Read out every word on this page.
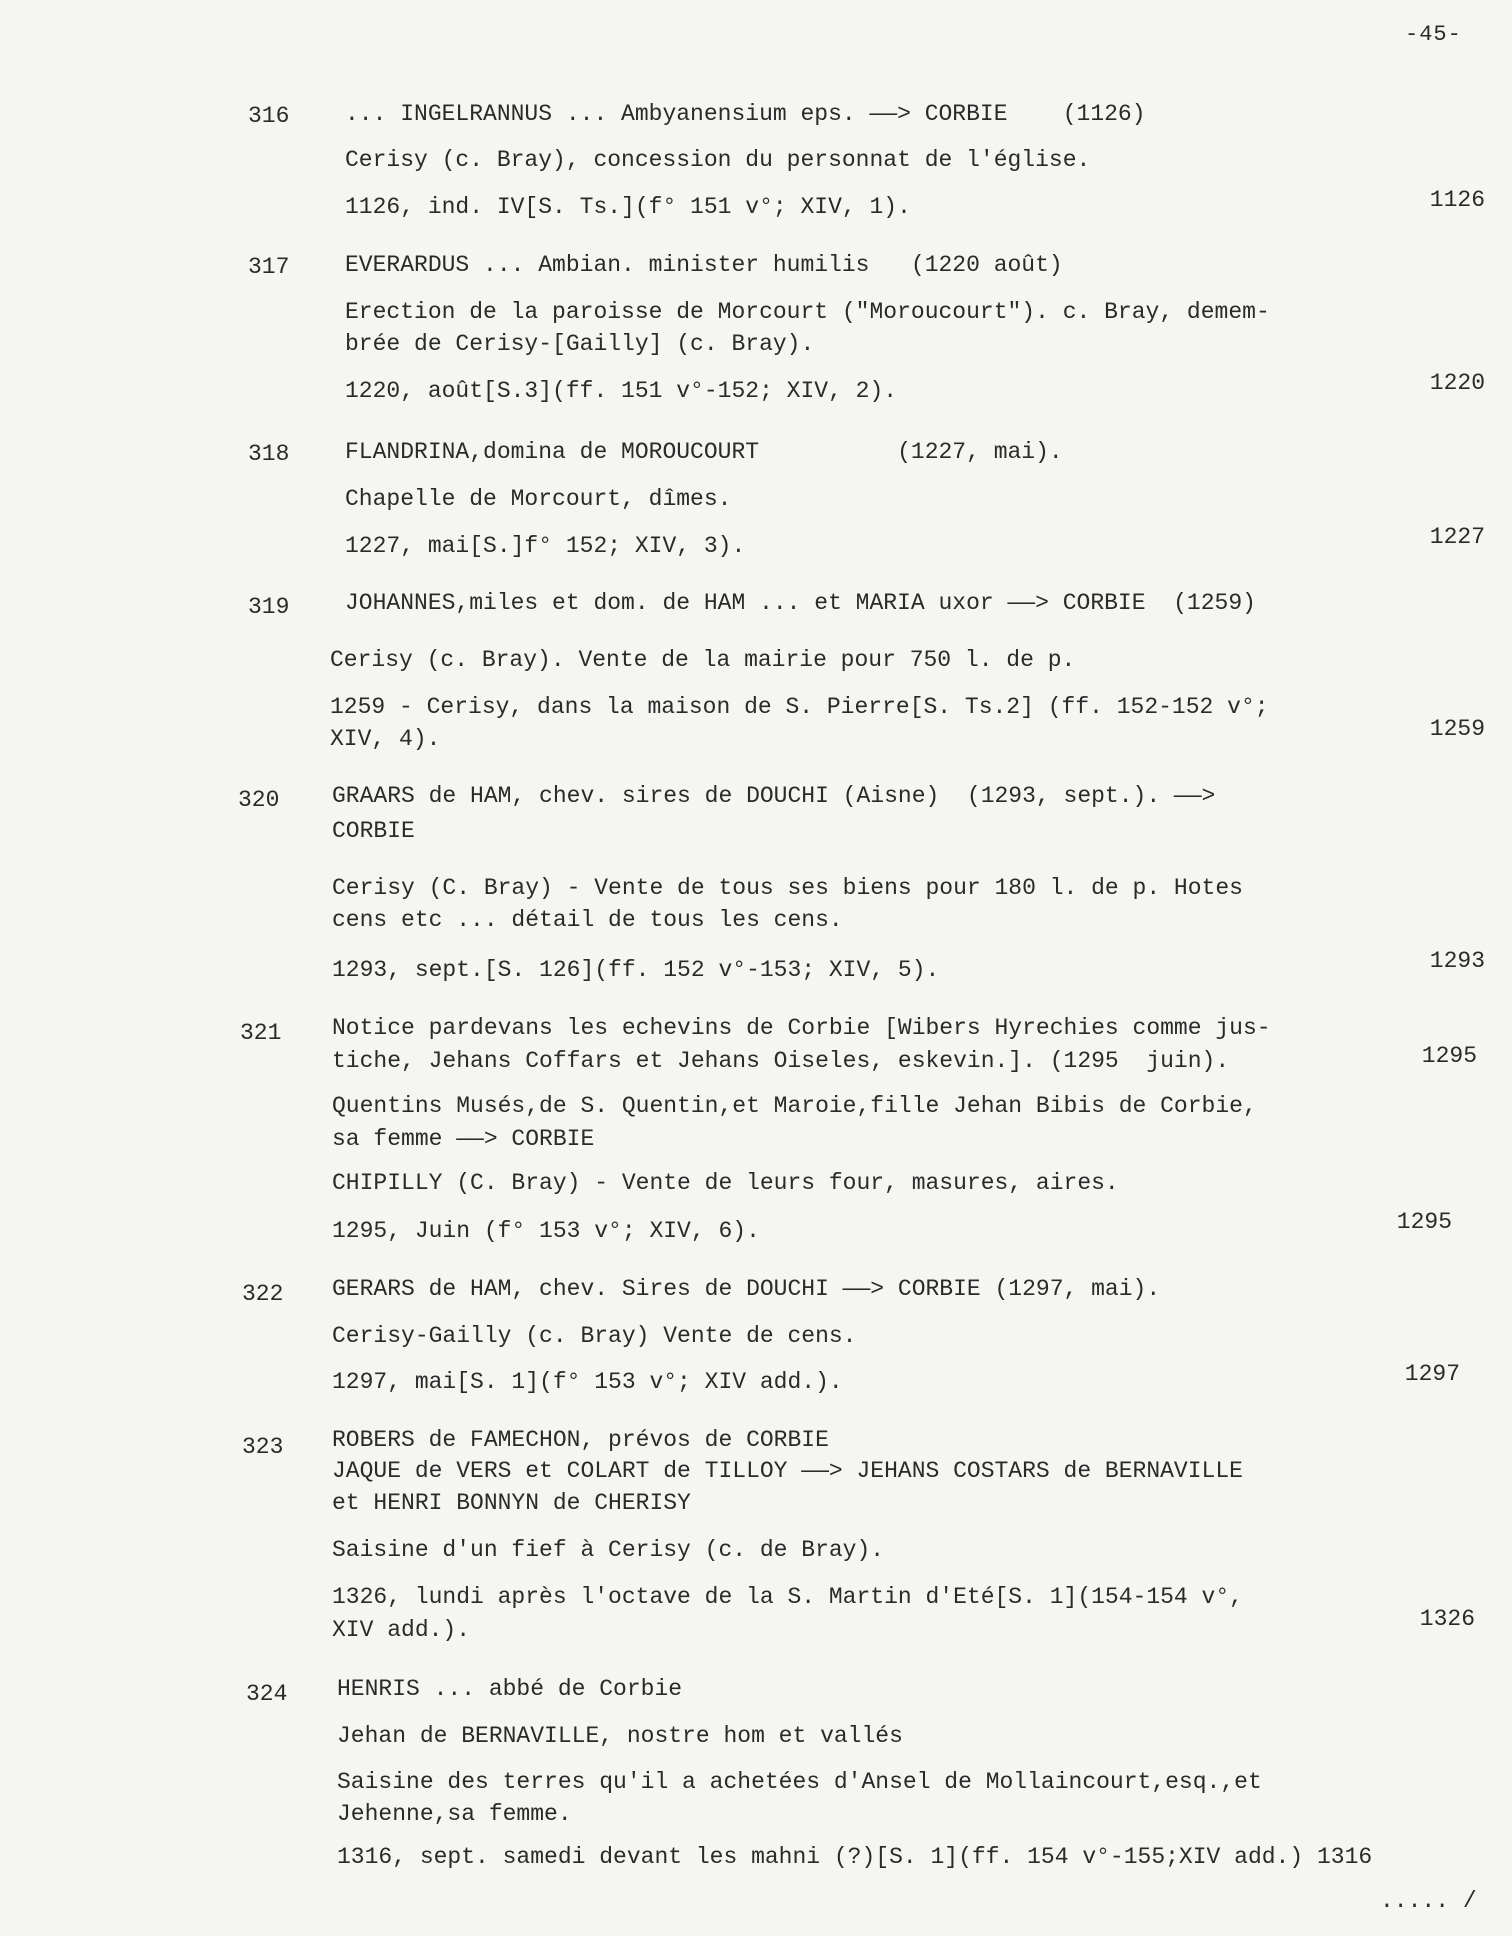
-45-
316 ... INGELRANNUS ... Ambyanensium eps. ——> CORBIE    (1126)
Cerisy (c. Bray), concession du personnat de l'église.
1126, ind. IV[S. Ts.](f° 151 v°; XIV, 1).	1126
317 EVERARDUS ... Ambian. minister humilis   (1220 août)
Erection de la paroisse de Morcourt ("Moroucourt"). c. Bray, demem-
brée de Cerisy-[Gailly] (c. Bray).
1220, août[S.3](ff. 151 v°-152; XIV, 2).	1220
318 FLANDRINA,domina de MOROUCOURT          (1227, mai).
Chapelle de Morcourt, dîmes.
1227, mai[S.]f° 152; XIV, 3).	1227
319 JOHANNES,miles et dom. de HAM ... et MARIA uxor ——> CORBIE  (1259)
Cerisy (c. Bray). Vente de la mairie pour 750 l. de p.
1259 - Cerisy, dans la maison de S. Pierre[S. Ts.2] (ff. 152-152 v°;
XIV, 4).	1259
320 GRAARS de HAM, chev. sires de DOUCHI (Aisne)  (1293, sept.). ——>
CORBIE
Cerisy (C. Bray) - Vente de tous ses biens pour 180 l. de p. Hotes
cens etc ... détail de tous les cens.
1293, sept.[S. 126](ff. 152 v°-153; XIV, 5).	1293
321 Notice pardevans les echevins de Corbie [Wibers Hyrechies comme jus-
tiche, Jehans Coffars et Jehans Oiseles, eskevin.]. (1295  juin).	1295
Quentins Musés,de S. Quentin,et Maroie,fille Jehan Bibis de Corbie,
sa femme ——> CORBIE
CHIPILLY (C. Bray) - Vente de leurs four, masures, aires.
1295, Juin (f° 153 v°; XIV, 6).	1295
322 GERARS de HAM, chev. Sires de DOUCHI ——> CORBIE (1297, mai).
Cerisy-Gailly (c. Bray) Vente de cens.
1297, mai[S. 1](f° 153 v°; XIV add.).	1297
323 ROBERS de FAMECHON, prévos de CORBIE
JAQUE de VERS et COLART de TILLOY ——> JEHANS COSTARS de BERNAVILLE
et HENRI BONNYN de CHERISY
Saisine d'un fief à Cerisy (c. de Bray).
1326, lundi après l'octave de la S. Martin d'Eté[S. 1](154-154 v°,
XIV add.).	1326
324 HENRIS ... abbé de Corbie
Jehan de BERNAVILLE, nostre hom et vallés
Saisine des terres qu'il a achetées d'Ansel de Mollaincourt,esq.,et
Jehenne,sa femme.
1316, sept. samedi devant les mahni (?)[S. 1](ff. 154 v°-155;XIV add.) 1316
..... /
